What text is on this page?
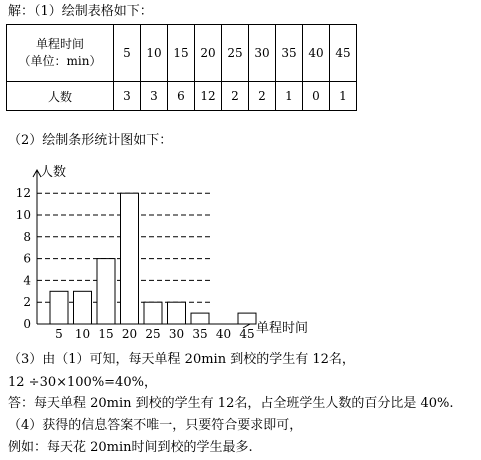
解：（1）绘制表格如下：
单程时间
（单位：min）	5	10	15	20	25	30	35	40	45
人数	3	3	6	12	2	2	1	0	1
（2）绘制条形统计图如下：
0
2
4
6
8
10
12
5 10 15 20 25 30 35 40 45
人数
单程时间
（3）由（1）可知，每天单程 20min 到校的学生有 12名，
12 ÷30×100%=40%，
答：每天单程 20min 到校的学生有 12名，占全班学生人数的百分比是 40%.
（4）获得的信息答案不唯一，只要符合要求即可，
例如：每天花 20min时间到校的学生最多.
